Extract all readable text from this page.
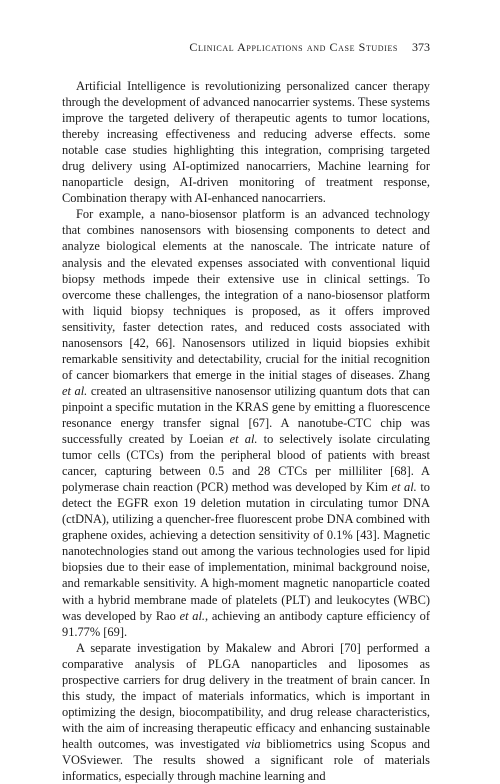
Clinical Applications and Case Studies 373

Artificial Intelligence is revolutionizing personalized cancer therapy through the development of advanced nanocarrier systems. These systems improve the targeted delivery of therapeutic agents to tumor locations, thereby increasing effectiveness and reducing adverse effects. some notable case studies highlighting this integration, comprising targeted drug delivery using AI-optimized nanocarriers, Machine learning for nanoparticle design, AI-driven monitoring of treatment response, Combination therapy with AI-enhanced nanocarriers.

For example, a nano-biosensor platform is an advanced technology that combines nanosensors with biosensing components to detect and analyze biological elements at the nanoscale. The intricate nature of analysis and the elevated expenses associated with conventional liquid biopsy methods impede their extensive use in clinical settings. To overcome these challenges, the integration of a nano-biosensor platform with liquid biopsy techniques is proposed, as it offers improved sensitivity, faster detection rates, and reduced costs associated with nanosensors [42, 66]. Nanosensors utilized in liquid biopsies exhibit remarkable sensitivity and detectability, crucial for the initial recognition of cancer biomarkers that emerge in the initial stages of diseases. Zhang et al. created an ultrasensitive nanosensor utilizing quantum dots that can pinpoint a specific mutation in the KRAS gene by emitting a fluorescence resonance energy transfer signal [67]. A nanotube-CTC chip was successfully created by Loeian et al. to selectively isolate circulating tumor cells (CTCs) from the peripheral blood of patients with breast cancer, capturing between 0.5 and 28 CTCs per milliliter [68]. A polymerase chain reaction (PCR) method was developed by Kim et al. to detect the EGFR exon 19 deletion mutation in circulating tumor DNA (ctDNA), utilizing a quencher-free fluorescent probe DNA combined with graphene oxides, achieving a detection sensitivity of 0.1% [43]. Magnetic nanotechnologies stand out among the various technologies used for lipid biopsies due to their ease of implementation, minimal background noise, and remarkable sensitivity. A high-moment magnetic nanoparticle coated with a hybrid membrane made of platelets (PLT) and leukocytes (WBC) was developed by Rao et al., achieving an antibody capture efficiency of 91.77% [69].

A separate investigation by Makalew and Abrori [70] performed a comparative analysis of PLGA nanoparticles and liposomes as prospective carriers for drug delivery in the treatment of brain cancer. In this study, the impact of materials informatics, which is important in optimizing the design, biocompatibility, and drug release characteristics, with the aim of increasing therapeutic efficacy and enhancing sustainable health outcomes, was investigated via bibliometrics using Scopus and VOSviewer. The results showed a significant role of materials informatics, especially through machine learning and
